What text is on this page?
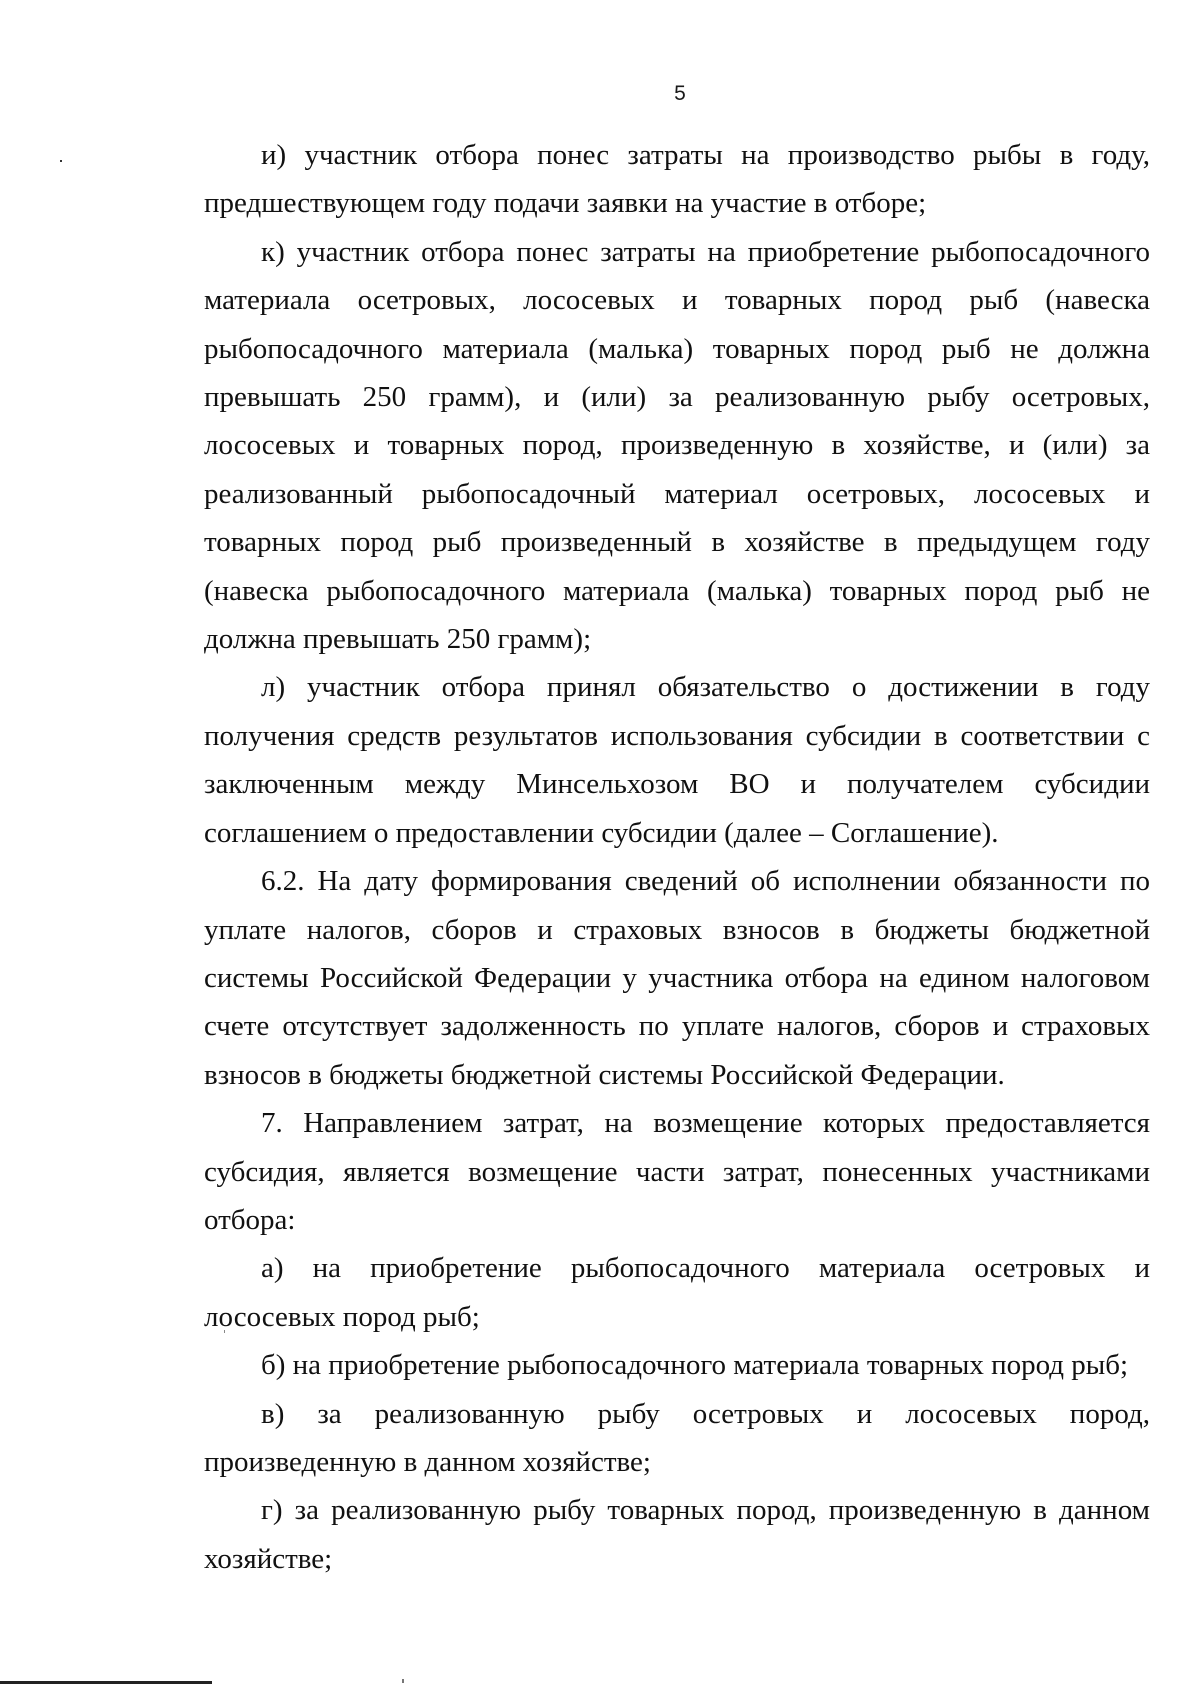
5

и) участник отбора понес затраты на производство рыбы в году, предшествующем году подачи заявки на участие в отборе;

к) участник отбора понес затраты на приобретение рыбопосадочного материала осетровых, лососевых и товарных пород рыб (навеска рыбопосадочного материала (малька) товарных пород рыб не должна превышать 250 грамм), и (или) за реализованную рыбу осетровых, лососевых и товарных пород, произведенную в хозяйстве, и (или) за реализованный рыбопосадочный материал осетровых, лососевых и товарных пород рыб произведенный в хозяйстве в предыдущем году (навеска рыбопосадочного материала (малька) товарных пород рыб не должна превышать 250 грамм);

л) участник отбора принял обязательство о достижении в году получения средств результатов использования субсидии в соответствии с заключенным между Минсельхозом ВО и получателем субсидии соглашением о предоставлении субсидии (далее – Соглашение).

6.2. На дату формирования сведений об исполнении обязанности по уплате налогов, сборов и страховых взносов в бюджеты бюджетной системы Российской Федерации у участника отбора на едином налоговом счете отсутствует задолженность по уплате налогов, сборов и страховых взносов в бюджеты бюджетной системы Российской Федерации.

7. Направлением затрат, на возмещение которых предоставляется субсидия, является возмещение части затрат, понесенных участниками отбора:

а) на приобретение рыбопосадочного материала осетровых и лососевых пород рыб;

б) на приобретение рыбопосадочного материала товарных пород рыб;

в) за реализованную рыбу осетровых и лососевых пород, произведенную в данном хозяйстве;

г) за реализованную рыбу товарных пород, произведенную в данном хозяйстве;
